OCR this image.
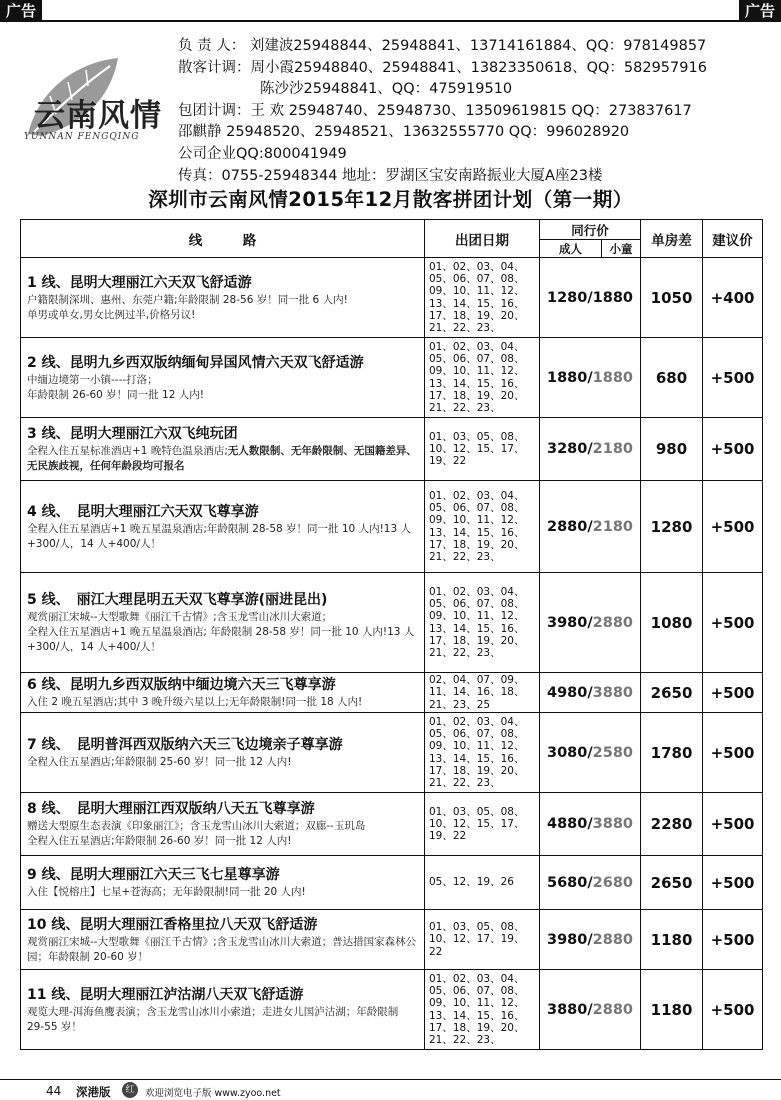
广告	广告
云南风情
YUNNAN FENGQING
负 责 人： 刘建波25948844、25948841、13714161884、QQ：978149857
散客计调：周小霞25948840、25948841、13823350618、QQ：582957916
陈沙沙25948841、QQ：475919510
包团计调：王 欢 25948740、25948730、13509619815 QQ：273837617
邵麒静 25948520、25948521、13632555770 QQ：996028920
公司企业QQ:800041949
传真：0755-25948344 地址：罗湖区宝安南路振业大厦A座23楼
深圳市云南风情2015年12月散客拼团计划（第一期）
线　　　路	出团日期	同行价		单房差	建议价
		成人	小童		

1 线、昆明大理丽江六天双飞舒适游
户籍限制深圳、惠州、东莞户籍;年龄限制 28-56 岁！同一批 6 人内!
单男或单女,男女比例过半,价格另议!	01、02、03、04、05、06、07、08、09、10、11、12、13、14、15、16、17、18、19、20、21、22、23、	1280/1880		1050	+400

2 线、昆明九乡西双版纳缅甸异国风情六天双飞舒适游
中缅边境第一小镇----打洛；
年龄限制 26-60 岁！同一批 12 人内!	01、02、03、04、05、06、07、08、09、10、11、12、13、14、15、16、17、18、19、20、21、22、23、	1880/1880		680	+500

3 线、昆明大理丽江六双飞纯玩团
全程入住五星标准酒店+1 晚特色温泉酒店;无人数限制、无年龄限制、无国籍差异、无民族歧视，任何年龄段均可报名	01、03、05、08、10、12、15、17、19、22	3280/2180		980	+500

4 线、　昆明大理丽江六天双飞尊享游
全程入住五星酒店+1 晚五星温泉酒店;年龄限制 28-58 岁！同一批 10 人内!13 人+300/人，14 人+400/人！	01、02、03、04、05、06、07、08、09、10、11、12、13、14、15、16、17、18、19、20、21、22、23、	2880/2180		1280	+500

5 线、　丽江大理昆明五天双飞尊享游(丽进昆出)
观赏丽江宋城--大型歌舞《丽江千古情》;含玉龙雪山冰川大索道；
全程入住五星酒店+1 晚五星温泉酒店; 年龄限制 28-58 岁！同一批 10 人内!13 人+300/人，14 人+400/人！	01、02、03、04、05、06、07、08、09、10、11、12、13、14、15、16、17、18、19、20、21、22、23、	3980/2880		1080	+500

6 线、昆明九乡西双版纳中缅边境六天三飞尊享游
入住 2 晚五星酒店;其中 3 晚升级六星以上;无年龄限制!同一批 18 人内!	02、04、07、09、11、14、16、18、21、23、25	4980/3880		2650	+500

7 线、　昆明普洱西双版纳六天三飞边境亲子尊享游
全程入住五星酒店;年龄限制 25-60 岁！同一批 12 人内!	01、02、03、04、05、06、07、08、09、10、11、12、13、14、15、16、17、18、19、20、21、22、23、	3080/2580		1780	+500

8 线、　昆明大理丽江西双版纳八天五飞尊享游
赠送大型原生态表演《印象丽江》；含玉龙雪山冰川大索道；双廊--玉玑岛
全程入住五星酒店;年龄限制 26-60 岁！同一批 12 人内!	01、03、05、08、10、12、15、17、19、22	4880/3880		2280	+500

9 线、昆明大理丽江六天三飞七星尊享游
入住【悦榕庄】七星+苍海高；无年龄限制!同一批 20 人内!	05、12、19、26	5680/2680		2650	+500

10 线、昆明大理丽江香格里拉八天双飞舒适游
观赏丽江宋城--大型歌舞《丽江千古情》;含玉龙雪山冰川大索道；普达措国家森林公园；年龄限制 20-60 岁！	01、03、05、08、10、12、17、19、22	3980/2880		1180	+500

11 线、昆明大理丽江泸沽湖八天双飞舒适游
观览大理-洱海鱼鹰表演；含玉龙雪山冰川小索道；走进女儿国泸沽湖；年龄限制 29-55 岁！	01、02、03、04、05、06、07、08、09、10、11、12、13、14、15、16、17、18、19、20、21、22、23、	3880/2880		1180	+500
44 深港版	红	欢迎浏览电子版 www.zyoo.net
